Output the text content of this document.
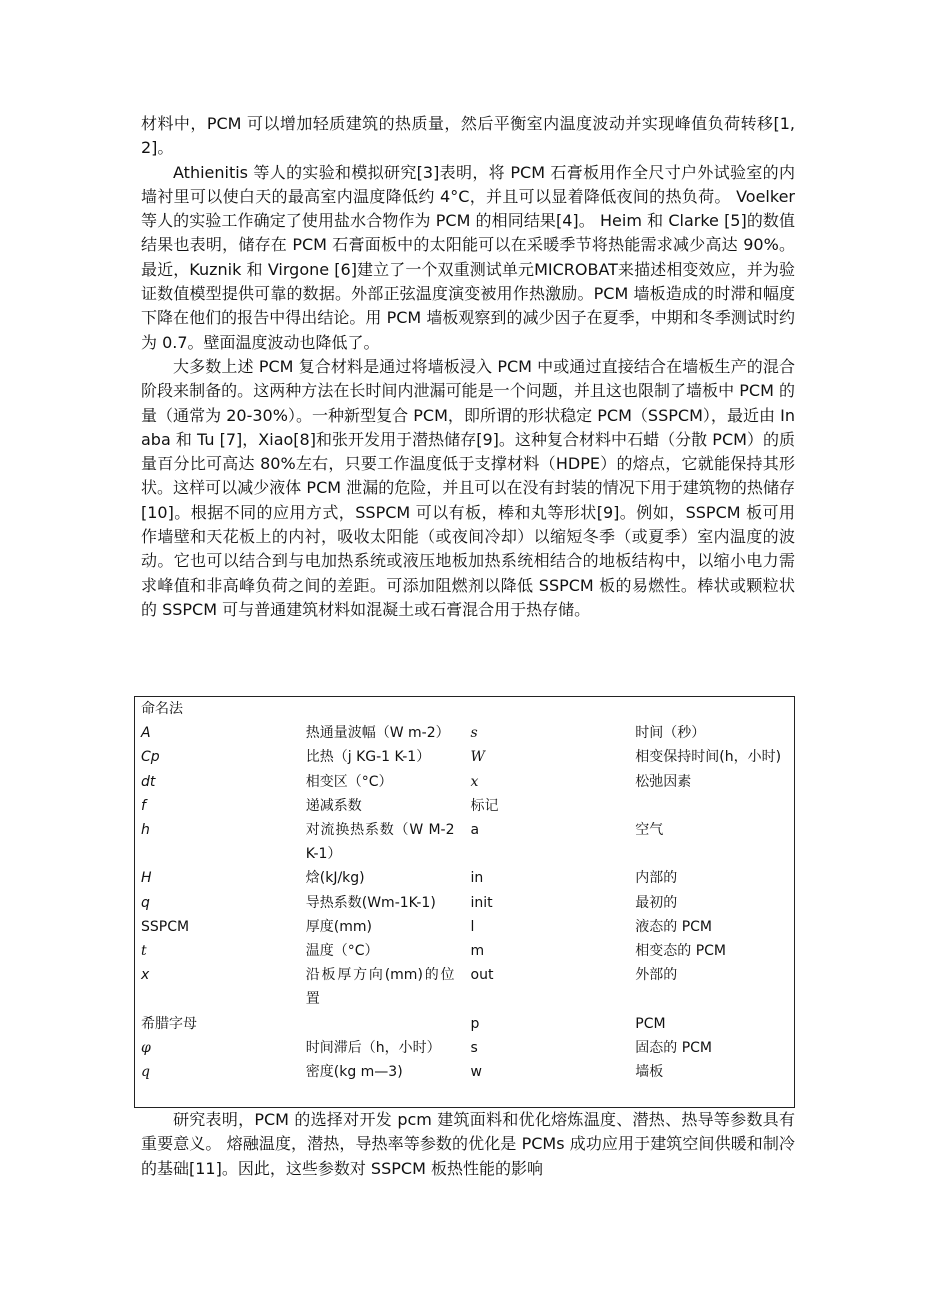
材料中，PCM 可以增加轻质建筑的热质量，然后平衡室内温度波动并实现峰值负荷转移[1,2]。

Athienitis 等人的实验和模拟研究[3]表明，将 PCM 石膏板用作全尺寸户外试验室的内墙衬里可以使白天的最高室内温度降低约 4°C，并且可以显着降低夜间的热负荷。 Voelker 等人的实验工作确定了使用盐水合物作为 PCM 的相同结果[4]。 Heim 和 Clarke [5]的数值结果也表明，储存在 PCM 石膏面板中的太阳能可以在采暖季节将热能需求减少高达 90%。最近，Kuznik 和 Virgone [6]建立了一个双重测试单元MICROBAT来描述相变效应，并为验证数值模型提供可靠的数据。外部正弦温度演变被用作热激励。PCM 墙板造成的时滞和幅度下降在他们的报告中得出结论。用 PCM 墙板观察到的减少因子在夏季，中期和冬季测试时约为 0.7。壁面温度波动也降低了。

大多数上述 PCM 复合材料是通过将墙板浸入 PCM 中或通过直接结合在墙板生产的混合阶段来制备的。这两种方法在长时间内泄漏可能是一个问题，并且这也限制了墙板中 PCM 的量（通常为 20-30%）。一种新型复合 PCM，即所谓的形状稳定 PCM（SSPCM），最近由 Inaba 和 Tu [7]，Xiao[8]和张开发用于潜热储存[9]。这种复合材料中石蜡（分散 PCM）的质量百分比可高达 80%左右，只要工作温度低于支撑材料（HDPE）的熔点，它就能保持其形状。这样可以减少液体 PCM 泄漏的危险，并且可以在没有封装的情况下用于建筑物的热储存[10]。根据不同的应用方式，SSPCM 可以有板，棒和丸等形状[9]。例如，SSPCM 板可用作墙壁和天花板上的内衬，吸收太阳能（或夜间冷却）以缩短冬季（或夏季）室内温度的波动。它也可以结合到与电加热系统或液压地板加热系统相结合的地板结构中，以缩小电力需求峰值和非高峰负荷之间的差距。可添加阻燃剂以降低 SSPCM 板的易燃性。棒状或颗粒状的 SSPCM 可与普通建筑材料如混凝土或石膏混合用于热存储。

命名法			
A	热通量波幅（W m-2）	s	时间（秒）
Cp	比热（j KG-1 K-1）	W	相变保持时间(h，小时)
dt	相变区（°C）	x	松弛因素
f	递减系数	标记	
h	对流换热系数（W M-2 K-1）	a	空气
H	焓(kJ/kg)	in	内部的
q	导热系数(Wm-1K-1)	init	最初的
SSPCM	厚度(mm)	l	液态的 PCM
t	温度（°C）	m	相变态的 PCM
x	沿板厚方向(mm)的位置	out	外部的
希腊字母		p	PCM
φ	时间滞后（h，小时）	s	固态的 PCM
q	密度(kg m—3)	w	墙板

研究表明，PCM 的选择对开发 pcm 建筑面料和优化熔炼温度、潜热、热导等参数具有重要意义。 熔融温度，潜热，导热率等参数的优化是 PCMs 成功应用于建筑空间供暖和制冷的基础[11]。因此，这些参数对 SSPCM 板热性能的影响
